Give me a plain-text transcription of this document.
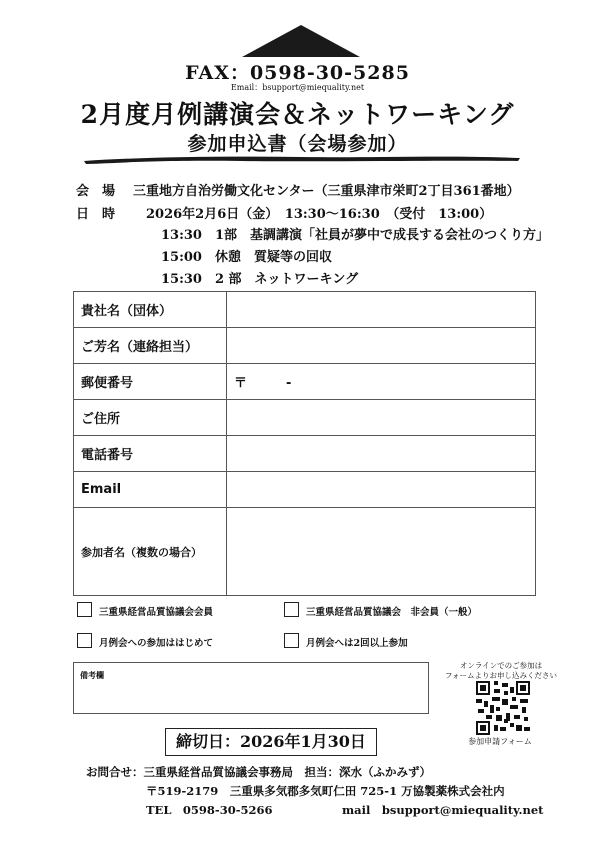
FAX：0598-30-5285
Email：bsupport@miequality.net
2月度月例講演会＆ネットワーキング
参加申込書（会場参加）
会　場 三重地方自治労働文化センター（三重県津市栄町2丁目361番地）
日　時 2026年2月6日（金）　13:30～16:30　（受付　13:00）
13:30　1部　基調講演「社員が夢中で成長する会社のつくり方」
15:00　休憩　質疑等の回収
15:30　2 部　ネットワーキング
貴社名（団体）	
ご芳名（連絡担当）	
郵便番号	〒　　　-
ご住所	
電話番号	
Email	
参加者名（複数の場合）	
三重県経営品質協議会会員	三重県経営品質協議会　非会員（一般）
月例会への参加ははじめて	月例会へは2回以上参加
備考欄
オンラインでのご参加は
フォームよりお申し込みください
参加申請フォーム
締切日：2026年1月30日
お問合せ：三重県経営品質協議会事務局　担当：深水（ふかみず）
〒519-2179　三重県多気郡多気町仁田 725-1 万協製薬株式会社内
TEL　0598-30-5266	mail　bsupport@miequality.net
